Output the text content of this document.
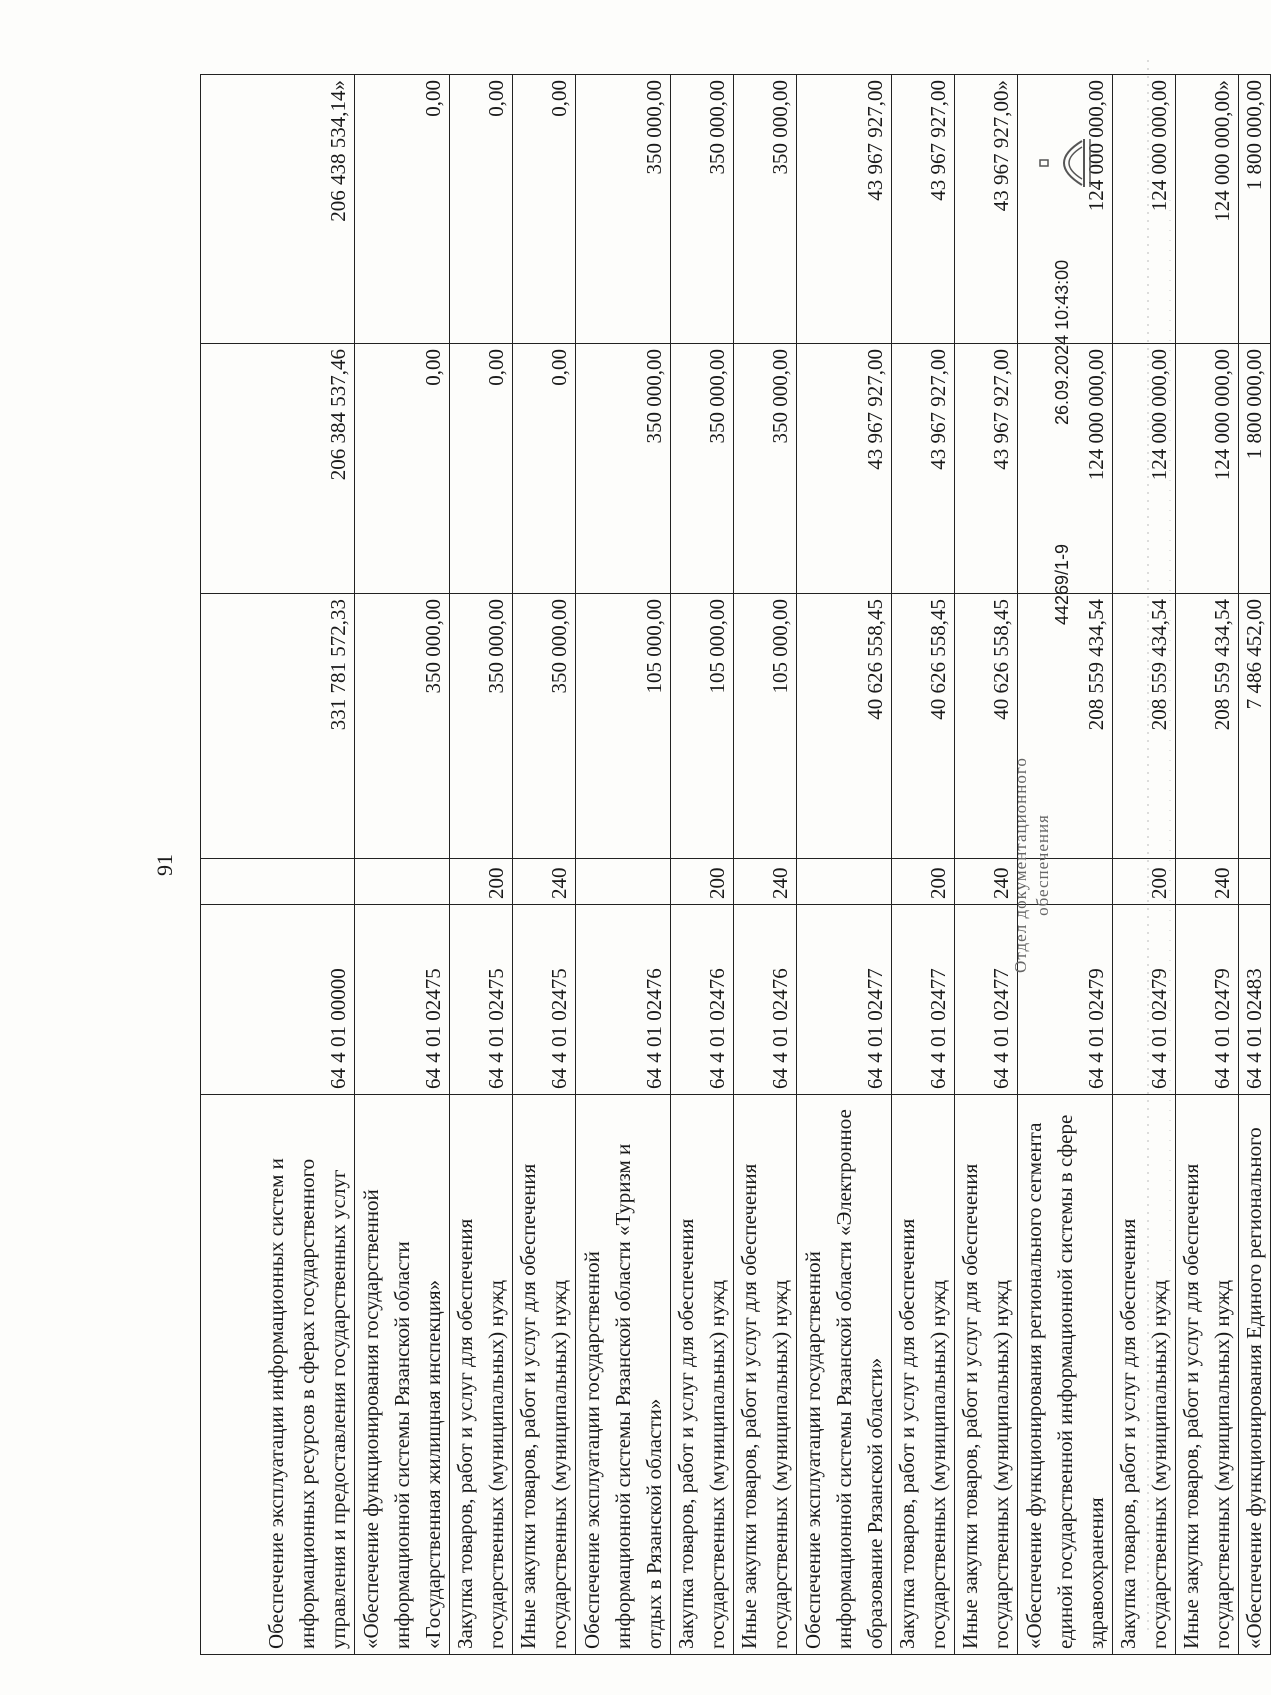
91
Обеспечение эксплуатации информационных систем и информационных ресурсов в сферах государственного управления и предоставления государственных услуг	64 4 01 00000		331 781 572,33	206 384 537,46	206 438 534,14»
«Обеспечение функционирования государственной информационной системы Рязанской области «Государственная жилищная инспекция»	64 4 01 02475		350 000,00	0,00	0,00
Закупка товаров, работ и услуг для обеспечения государственных (муниципальных) нужд	64 4 01 02475	200	350 000,00	0,00	0,00
Иные закупки товаров, работ и услуг для обеспечения государственных (муниципальных) нужд	64 4 01 02475	240	350 000,00	0,00	0,00
Обеспечение эксплуатации государственной информационной системы Рязанской области «Туризм и отдых в Рязанской области»	64 4 01 02476		105 000,00	350 000,00	350 000,00
Закупка товаров, работ и услуг для обеспечения государственных (муниципальных) нужд	64 4 01 02476	200	105 000,00	350 000,00	350 000,00
Иные закупки товаров, работ и услуг для обеспечения государственных (муниципальных) нужд	64 4 01 02476	240	105 000,00	350 000,00	350 000,00
Обеспечение эксплуатации государственной информационной системы Рязанской области «Электронное образование Рязанской области»	64 4 01 02477		40 626 558,45	43 967 927,00	43 967 927,00
Закупка товаров, работ и услуг для обеспечения государственных (муниципальных) нужд	64 4 01 02477	200	40 626 558,45	43 967 927,00	43 967 927,00
Иные закупки товаров, работ и услуг для обеспечения государственных (муниципальных) нужд	64 4 01 02477	240	40 626 558,45	43 967 927,00	43 967 927,00»
«Обеспечение функционирования регионального сегмента единой государственной информационной системы в сфере здравоохранения	64 4 01 02479		208 559 434,54	124 000 000,00	124 000 000,00
Закупка товаров, работ и услуг для обеспечения государственных (муниципальных) нужд	64 4 01 02479	200	208 559 434,54	124 000 000,00	124 000 000,00
Иные закупки товаров, работ и услуг для обеспечения государственных (муниципальных) нужд	64 4 01 02479	240	208 559 434,54	124 000 000,00	124 000 000,00»
«Обеспечение функционирования Единого регионального	64 4 01 02483		7 486 452,00	1 800 000,00	1 800 000,00
26.09.2024 10:43:00
44269/1-9
Отдел документационного обеспечения
